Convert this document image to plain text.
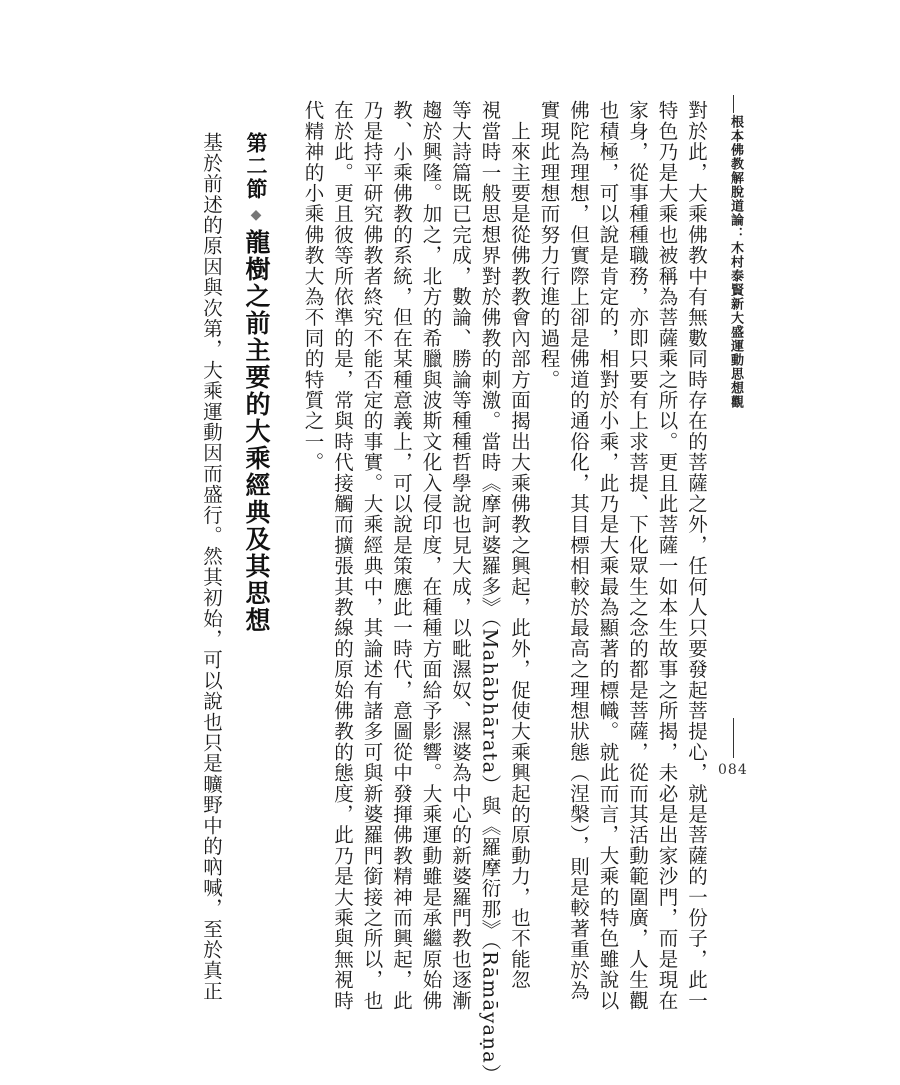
根本佛教解脫道論：木村泰賢新大盛運動思想觀
對於此，大乘佛教中有無數同時存在的菩薩之外，任何人只要發起菩提心，就是菩薩的一份子，此一
特色乃是大乘也被稱為菩薩乘之所以。更且此菩薩一如本生故事之所揭，未必是出家沙門，而是現在
家身，從事種種職務，亦即只要有上求菩提、下化眾生之念的都是菩薩，從而其活動範圍廣，人生觀
也積極，可以說是肯定的，相對於小乘，此乃是大乘最為顯著的標幟。就此而言，大乘的特色雖說以
佛陀為理想，但實際上卻是佛道的通俗化，其目標相較於最高之理想狀態（涅槃），則是較著重於為
實現此理想而努力行進的過程。
　上來主要是從佛教教會內部方面揭出大乘佛教之興起，此外，促使大乘興起的原動力，也不能忽
視當時一般思想界對於佛教的刺激。當時《摩訶婆羅多》（Mahābhārata）與《羅摩衍那》（Rāmāyaṇa）
等大詩篇既已完成，數論、勝論等種種哲學說也見大成，以毗濕奴、濕婆為中心的新婆羅門教也逐漸
趨於興隆。加之，北方的希臘與波斯文化入侵印度，在種種方面給予影響。大乘運動雖是承繼原始佛
教、小乘佛教的系統，但在某種意義上，可以說是策應此一時代，意圖從中發揮佛教精神而興起，此
乃是持平研究佛教者終究不能否定的事實。大乘經典中，其論述有諸多可與新婆羅門銜接之所以，也
在於此。更且彼等所依準的是，常與時代接觸而擴張其教線的原始佛教的態度，此乃是大乘與無視時
代精神的小乘佛教大為不同的特質之一。
第二節◆龍樹之前主要的大乘經典及其思想
基於前述的原因與次第，大乘運動因而盛行。然其初始，可以說也只是曠野中的吶喊，至於真正	084
